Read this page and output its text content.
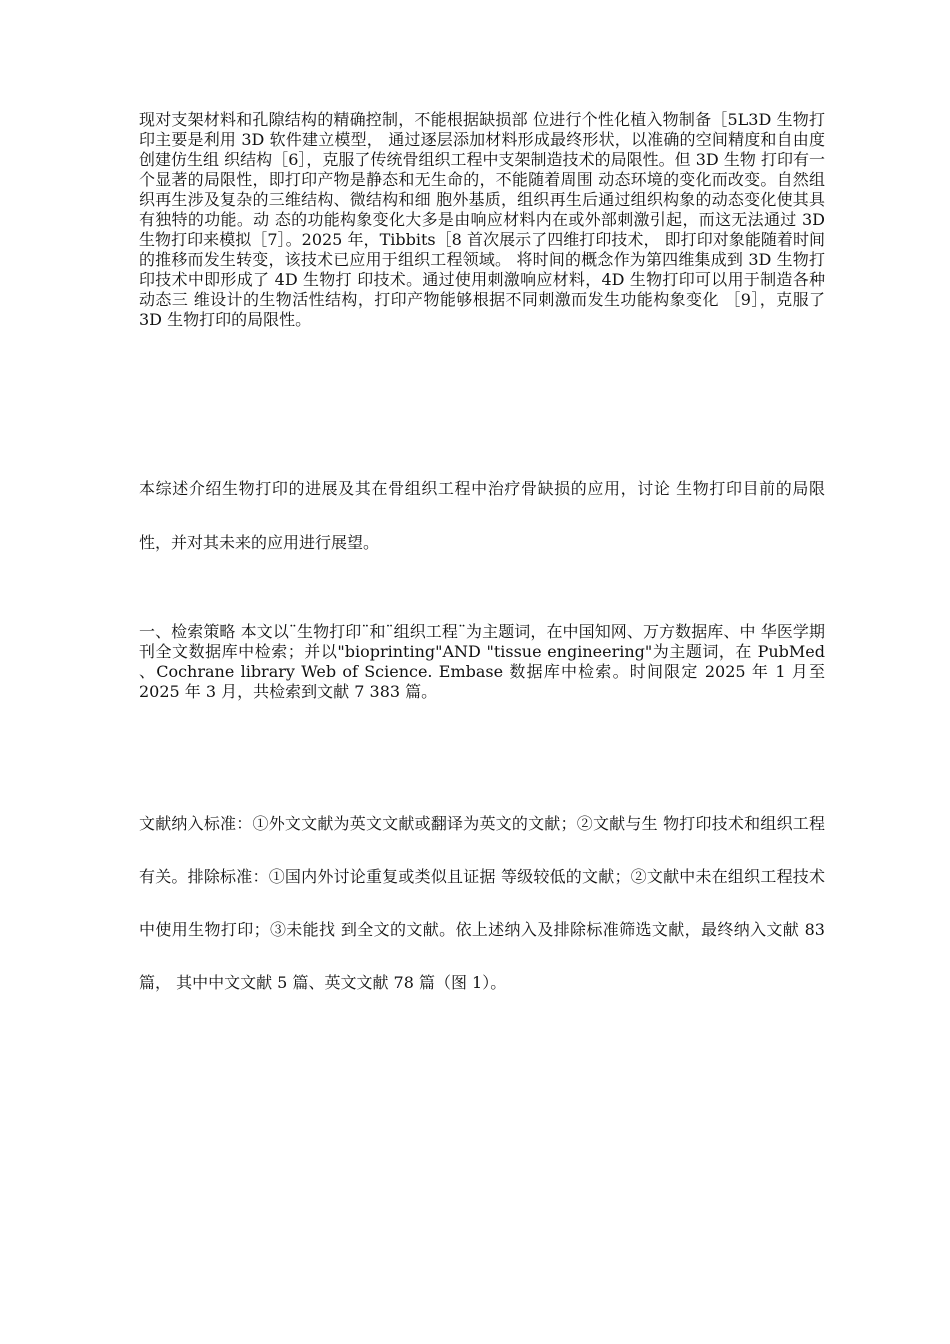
现对支架材料和孔隙结构的精确控制，不能根据缺损部 位进行个性化植入物制备［5L3D 生物打印主要是利用 3D 软件建立模型， 通过逐层添加材料形成最终形状，以准确的空间精度和自由度创建仿生组 织结构［6］，克服了传统骨组织工程中支架制造技术的局限性。但 3D 生物 打印有一个显著的局限性，即打印产物是静态和无生命的，不能随着周围 动态环境的变化而改变。自然组织再生涉及复杂的三维结构、微结构和细 胞外基质，组织再生后通过组织构象的动态变化使其具有独特的功能。动 态的功能构象变化大多是由响应材料内在或外部刺激引起，而这无法通过 3D 生物打印来模拟［7］。2025 年，Tibbits［8 首次展示了四维打印技术， 即打印对象能随着时间的推移而发生转变，该技术已应用于组织工程领域。 将时间的概念作为第四维集成到 3D 生物打印技术中即形成了 4D 生物打 印技术。通过使用刺激响应材料，4D 生物打印可以用于制造各种动态三 维设计的生物活性结构，打印产物能够根据不同刺激而发生功能构象变化 ［9］，克服了 3D 生物打印的局限性。

本综述介绍生物打印的进展及其在骨组织工程中治疗骨缺损的应用，讨论 生物打印目前的局限性，并对其未来的应用进行展望。

一、检索策略 本文以¨生物打印¨和¨组织工程¨为主题词，在中国知网、万方数据库、中 华医学期刊全文数据库中检索；并以"bioprinting"AND "tissue engineering"为主题词，在 PubMed 、Cochrane library Web of Science. Embase 数据库中检索。时间限定 2025 年 1 月至 2025 年 3 月，共检索到文献 7 383 篇。

文献纳入标准：①外文文献为英文文献或翻译为英文的文献；②文献与生 物打印技术和组织工程有关。排除标准：①国内外讨论重复或类似且证据 等级较低的文献；②文献中未在组织工程技术中使用生物打印；③未能找 到全文的文献。依上述纳入及排除标准筛选文献，最终纳入文献 83 篇， 其中中文文献 5 篇、英文文献 78 篇（图 1）。
